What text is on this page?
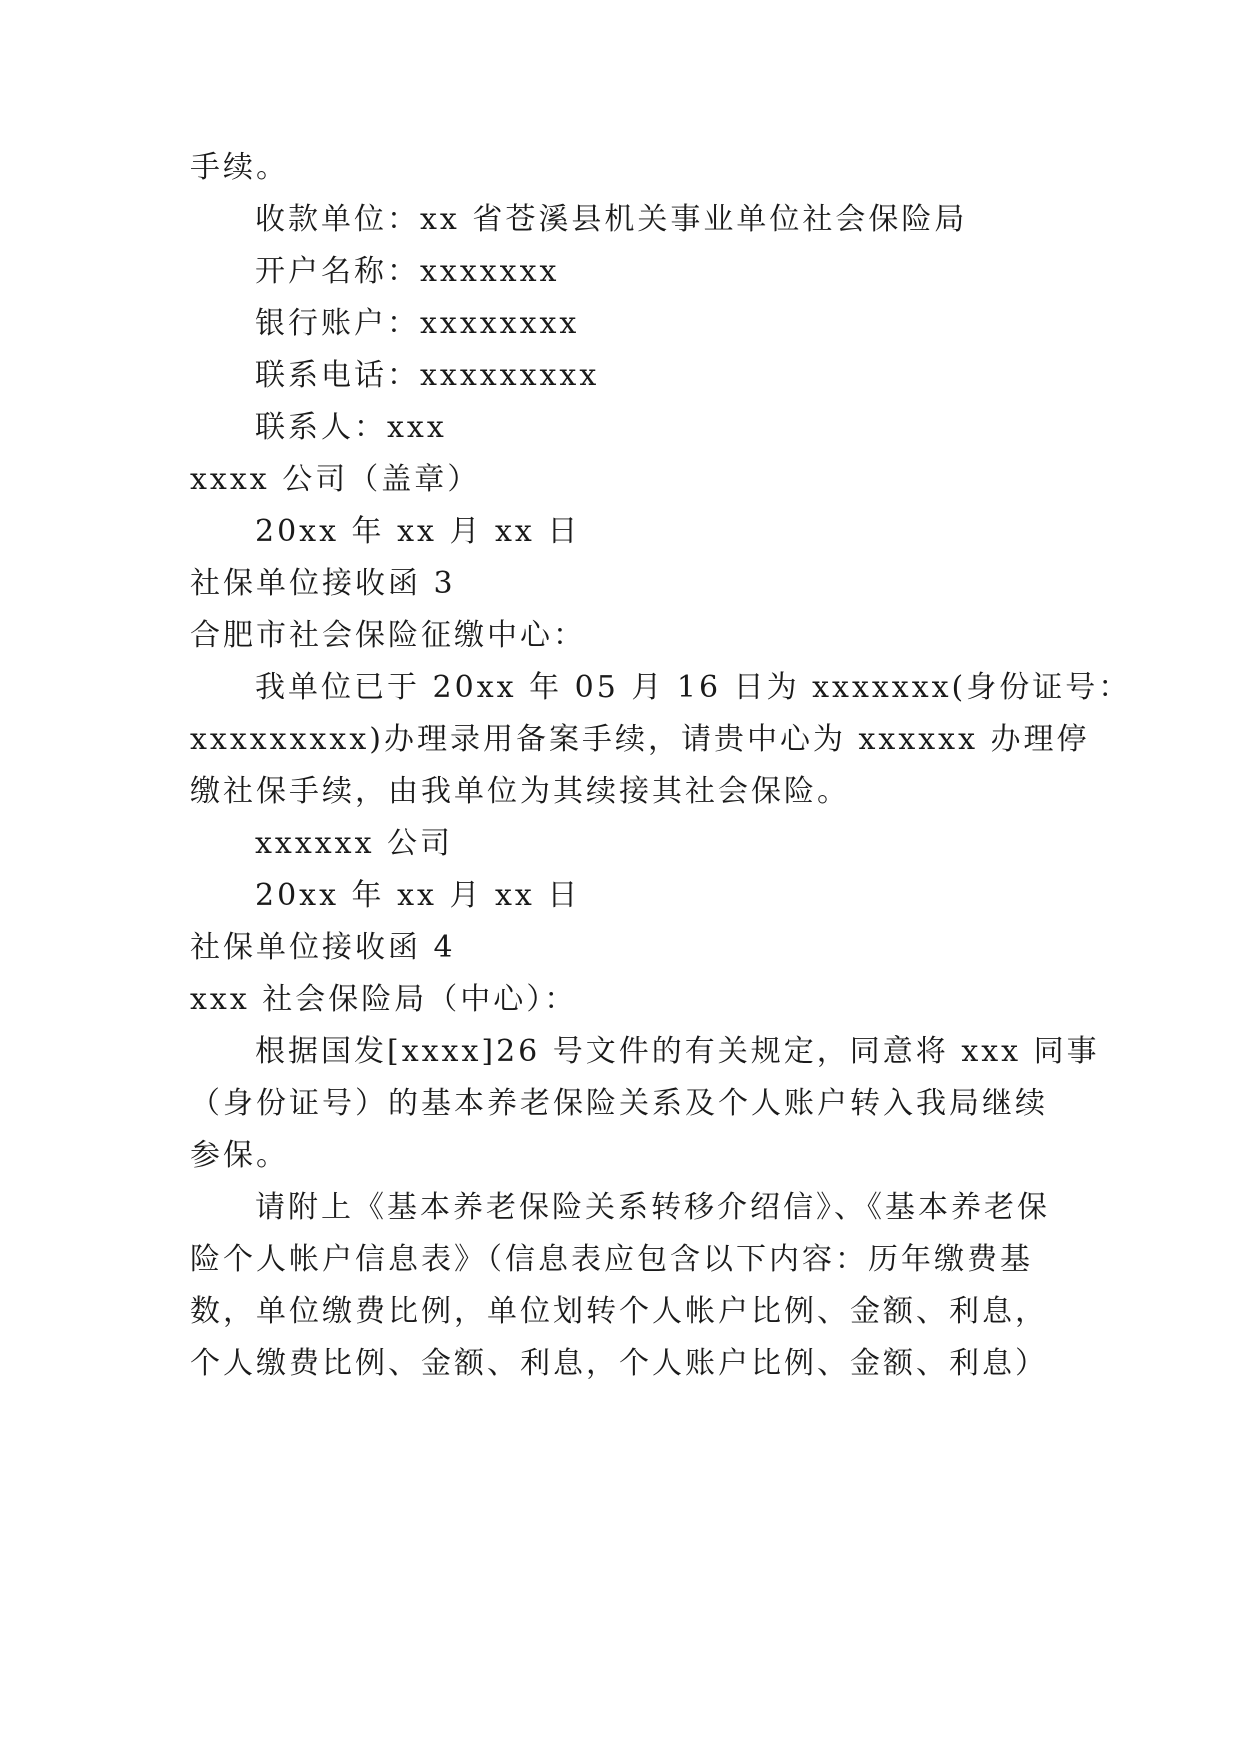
手续。
收款单位：xx 省苍溪县机关事业单位社会保险局
开户名称：xxxxxxx
银行账户：xxxxxxxx
联系电话：xxxxxxxxx
联系人：xxx
xxxx 公司（盖章）
20xx 年 xx 月 xx 日
社保单位接收函 3
合肥市社会保险征缴中心：
我单位已于 20xx 年 05 月 16 日为 xxxxxxx(身份证号：
xxxxxxxxx)办理录用备案手续，请贵中心为 xxxxxx 办理停
缴社保手续，由我单位为其续接其社会保险。
xxxxxx 公司
20xx 年 xx 月 xx 日
社保单位接收函 4
xxx 社会保险局（中心）：
根据国发[xxxx]26 号文件的有关规定，同意将 xxx 同事
（身份证号）的基本养老保险关系及个人账户转入我局继续
参保。
请附上《基本养老保险关系转移介绍信》、《基本养老保
险个人帐户信息表》（信息表应包含以下内容：历年缴费基
数，单位缴费比例，单位划转个人帐户比例、金额、利息，
个人缴费比例、金额、利息，个人账户比例、金额、利息）
